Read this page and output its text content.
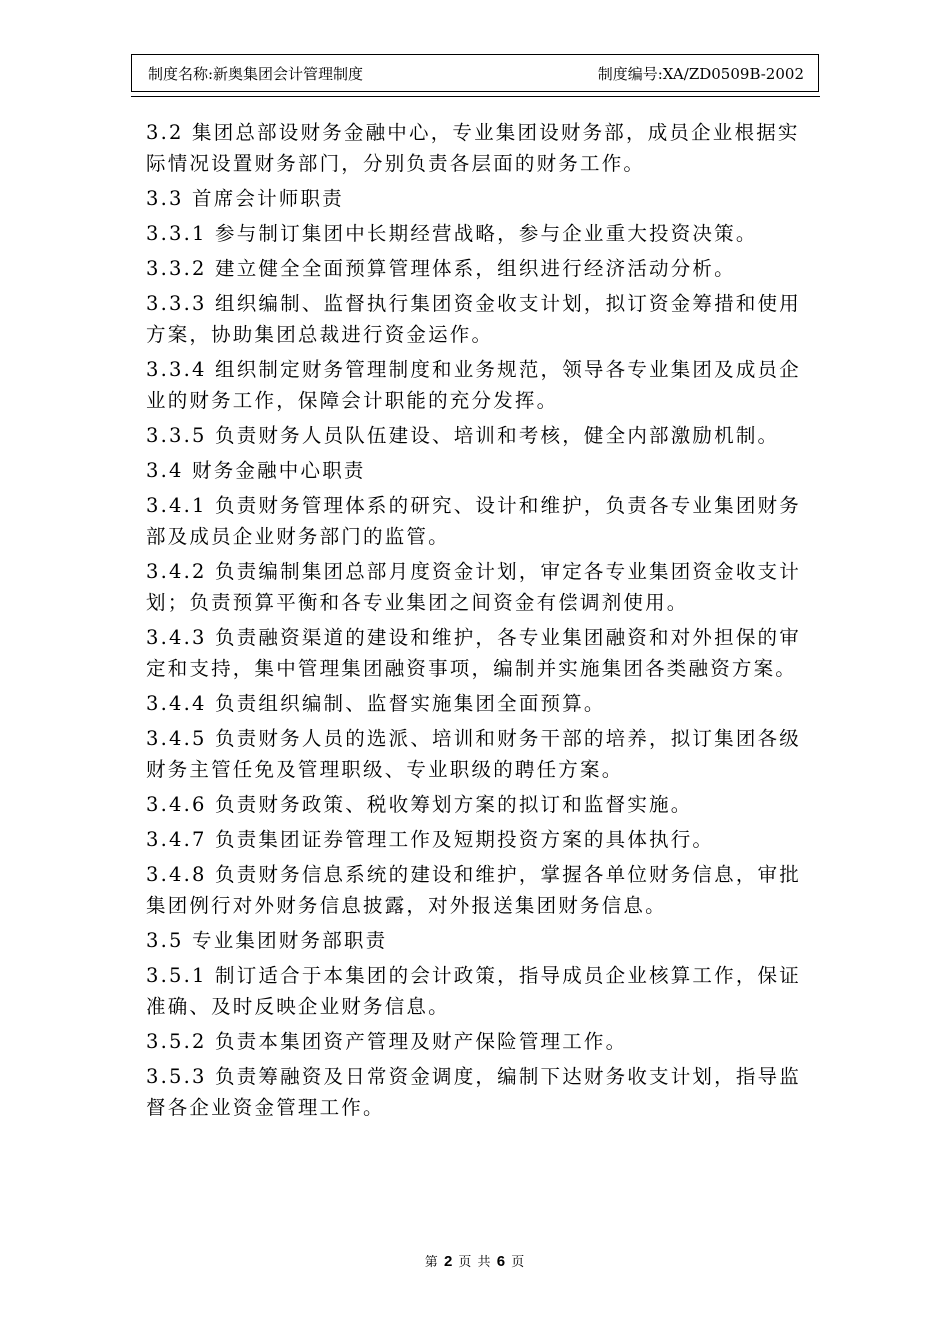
制度名称:新奥集团会计管理制度	制度编号:XA/ZD0509B-2002

3.2 集团总部设财务金融中心，专业集团设财务部，成员企业根据实际情况设置财务部门，分别负责各层面的财务工作。

3.3 首席会计师职责

3.3.1 参与制订集团中长期经营战略，参与企业重大投资决策。

3.3.2 建立健全全面预算管理体系，组织进行经济活动分析。

3.3.3 组织编制、监督执行集团资金收支计划，拟订资金筹措和使用方案，协助集团总裁进行资金运作。

3.3.4 组织制定财务管理制度和业务规范，领导各专业集团及成员企业的财务工作，保障会计职能的充分发挥。

3.3.5 负责财务人员队伍建设、培训和考核，健全内部激励机制。

3.4 财务金融中心职责

3.4.1 负责财务管理体系的研究、设计和维护，负责各专业集团财务部及成员企业财务部门的监管。

3.4.2 负责编制集团总部月度资金计划，审定各专业集团资金收支计划；负责预算平衡和各专业集团之间资金有偿调剂使用。

3.4.3 负责融资渠道的建设和维护，各专业集团融资和对外担保的审定和支持，集中管理集团融资事项，编制并实施集团各类融资方案。

3.4.4 负责组织编制、监督实施集团全面预算。

3.4.5 负责财务人员的选派、培训和财务干部的培养，拟订集团各级财务主管任免及管理职级、专业职级的聘任方案。

3.4.6 负责财务政策、税收筹划方案的拟订和监督实施。

3.4.7 负责集团证券管理工作及短期投资方案的具体执行。

3.4.8 负责财务信息系统的建设和维护，掌握各单位财务信息，审批集团例行对外财务信息披露，对外报送集团财务信息。

3.5 专业集团财务部职责

3.5.1 制订适合于本集团的会计政策，指导成员企业核算工作，保证准确、及时反映企业财务信息。

3.5.2 负责本集团资产管理及财产保险管理工作。

3.5.3 负责筹融资及日常资金调度，编制下达财务收支计划，指导监督各企业资金管理工作。

第 2 页 共 6 页
